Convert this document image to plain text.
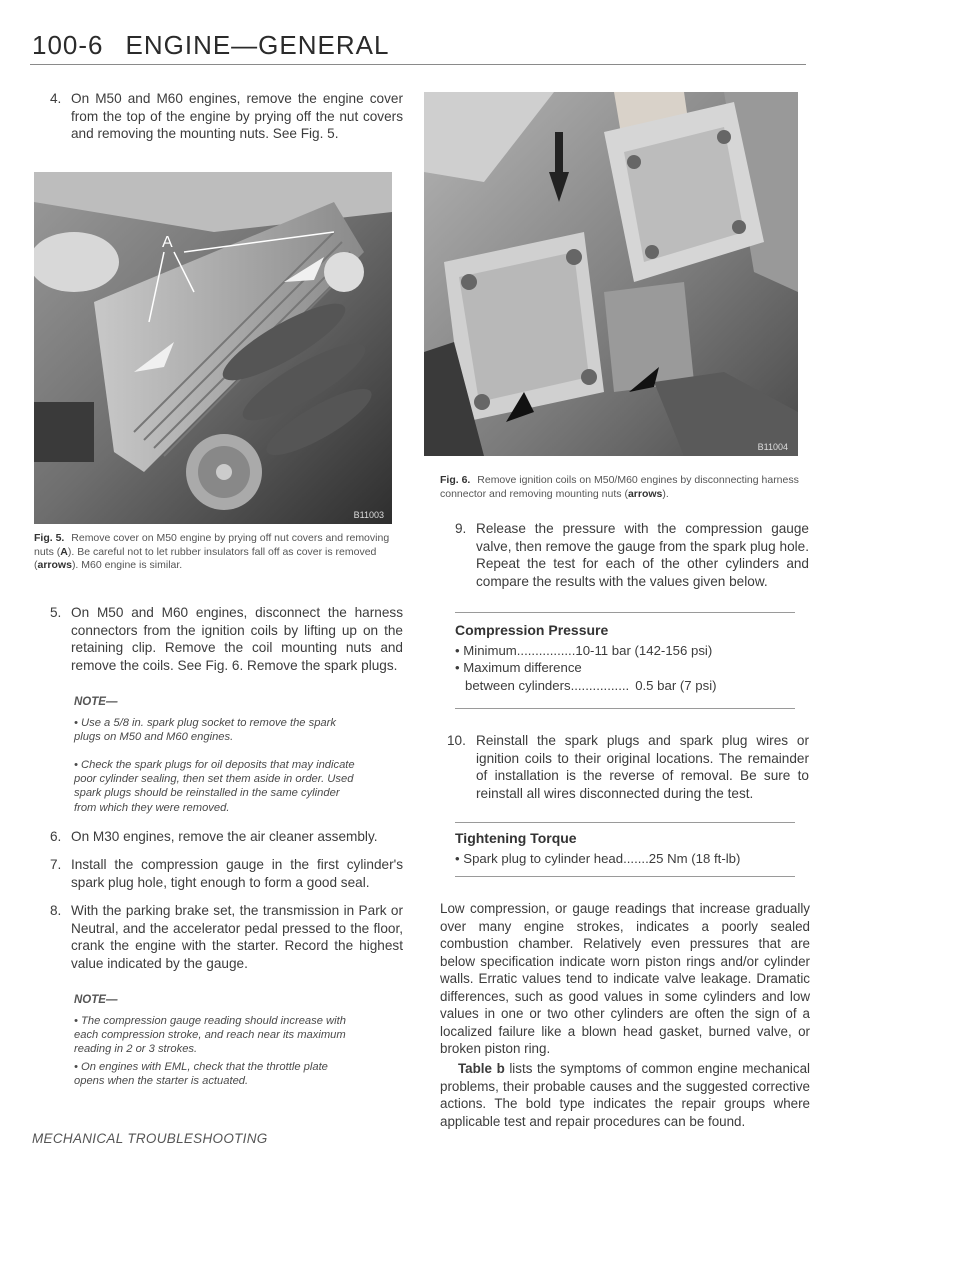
100-6 ENGINE—GENERAL
4. On M50 and M60 engines, remove the engine cover from the top of the engine by prying off the nut covers and removing the mounting nuts. See Fig. 5.
A
B11003
Fig. 5. Remove cover on M50 engine by prying off nut covers and removing nuts (A). Be careful not to let rubber insulators fall off as cover is removed (arrows). M60 engine is similar.
5. On M50 and M60 engines, disconnect the harness connectors from the ignition coils by lifting up on the retaining clip. Remove the coil mounting nuts and remove the coils. See Fig. 6. Remove the spark plugs.
NOTE—
• Use a 5/8 in. spark plug socket to remove the spark plugs on M50 and M60 engines.
• Check the spark plugs for oil deposits that may indicate poor cylinder sealing, then set them aside in order. Used spark plugs should be reinstalled in the same cylinder from which they were removed.
6. On M30 engines, remove the air cleaner assembly.
7. Install the compression gauge in the first cylinder's spark plug hole, tight enough to form a good seal.
8. With the parking brake set, the transmission in Park or Neutral, and the accelerator pedal pressed to the floor, crank the engine with the starter. Record the highest value indicated by the gauge.
NOTE—
• The compression gauge reading should increase with each compression stroke, and reach near its maximum reading in 2 or 3 strokes.
• On engines with EML, check that the throttle plate opens when the starter is actuated.
MECHANICAL TROUBLESHOOTING
B11004
Fig. 6. Remove ignition coils on M50/M60 engines by disconnecting harness connector and removing mounting nuts (arrows).
9. Release the pressure with the compression gauge valve, then remove the gauge from the spark plug hole. Repeat the test for each of the other cylinders and compare the results with the values given below.
Compression Pressure
• Minimum................10-11 bar (142-156 psi)
• Maximum difference
between cylinders................ 0.5 bar (7 psi)
10. Reinstall the spark plugs and spark plug wires or ignition coils to their original locations. The remainder of installation is the reverse of removal. Be sure to reinstall all wires disconnected during the test.
Tightening Torque
• Spark plug to cylinder head.......25 Nm (18 ft-lb)
Low compression, or gauge readings that increase gradually over many engine strokes, indicates a poorly sealed combustion chamber. Relatively even pressures that are below specification indicate worn piston rings and/or cylinder walls. Erratic values tend to indicate valve leakage. Dramatic differences, such as good values in some cylinders and low values in one or two other cylinders are often the sign of a localized failure like a blown head gasket, burned valve, or broken piston ring.
Table b lists the symptoms of common engine mechanical problems, their probable causes and the suggested corrective actions. The bold type indicates the repair groups where applicable test and repair procedures can be found.
